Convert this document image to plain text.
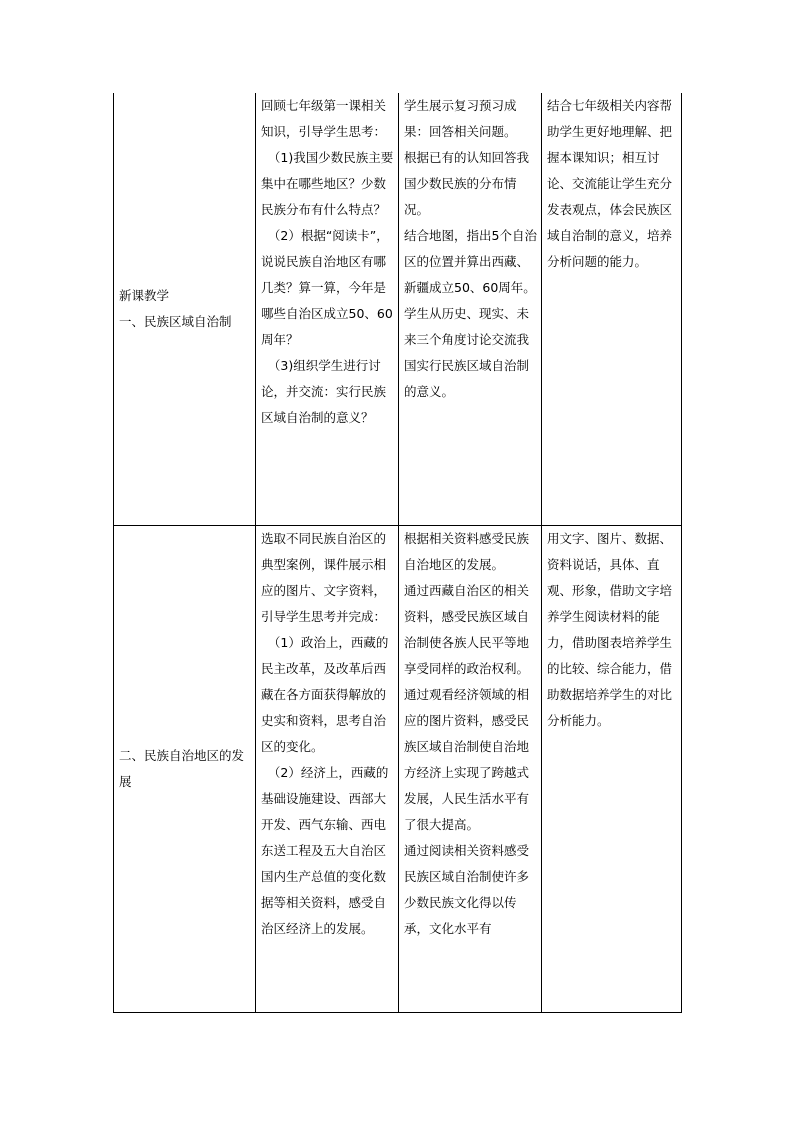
新课教学
一、民族区域自治制	回顾七年级第一课相关知识，引导学生思考：
（1)我国少数民族主要集中在哪些地区？少数民族分布有什么特点？
（2）根据“阅读卡”，说说民族自治地区有哪几类？算一算，今年是哪些自治区成立50、60周年？
（3)组织学生进行讨论，并交流：实行民族区域自治制的意义？	学生展示复习预习成果：回答相关问题。
根据已有的认知回答我国少数民族的分布情况。
结合地图，指出5个自治区的位置并算出西藏、新疆成立50、60周年。
学生从历史、现实、未来三个角度讨论交流我国实行民族区域自治制的意义。	结合七年级相关内容帮助学生更好地理解、把握本课知识；相互讨论、交流能让学生充分发表观点，体会民族区域自治制的意义，培养分析问题的能力。

二、民族自治地区的发展	选取不同民族自治区的典型案例，课件展示相应的图片、文字资料，引导学生思考并完成：
（1）政治上，西藏的民主改革，及改革后西藏在各方面获得解放的史实和资料，思考自治区的变化。
（2）经济上，西藏的基础设施建设、西部大开发、西气东输、西电东送工程及五大自治区国内生产总值的变化数据等相关资料，感受自治区经济上的发展。	根据相关资料感受民族自治地区的发展。
通过西藏自治区的相关资料，感受民族区域自治制使各族人民平等地享受同样的政治权利。
通过观看经济领域的相应的图片资料，感受民族区域自治制使自治地方经济上实现了跨越式发展，人民生活水平有了很大提高。
通过阅读相关资料感受民族区域自治制使许多少数民族文化得以传承，文化水平有	用文字、图片、数据、资料说话，具体、直观、形象，借助文字培养学生阅读材料的能力，借助图表培养学生的比较、综合能力，借助数据培养学生的对比分析能力。
